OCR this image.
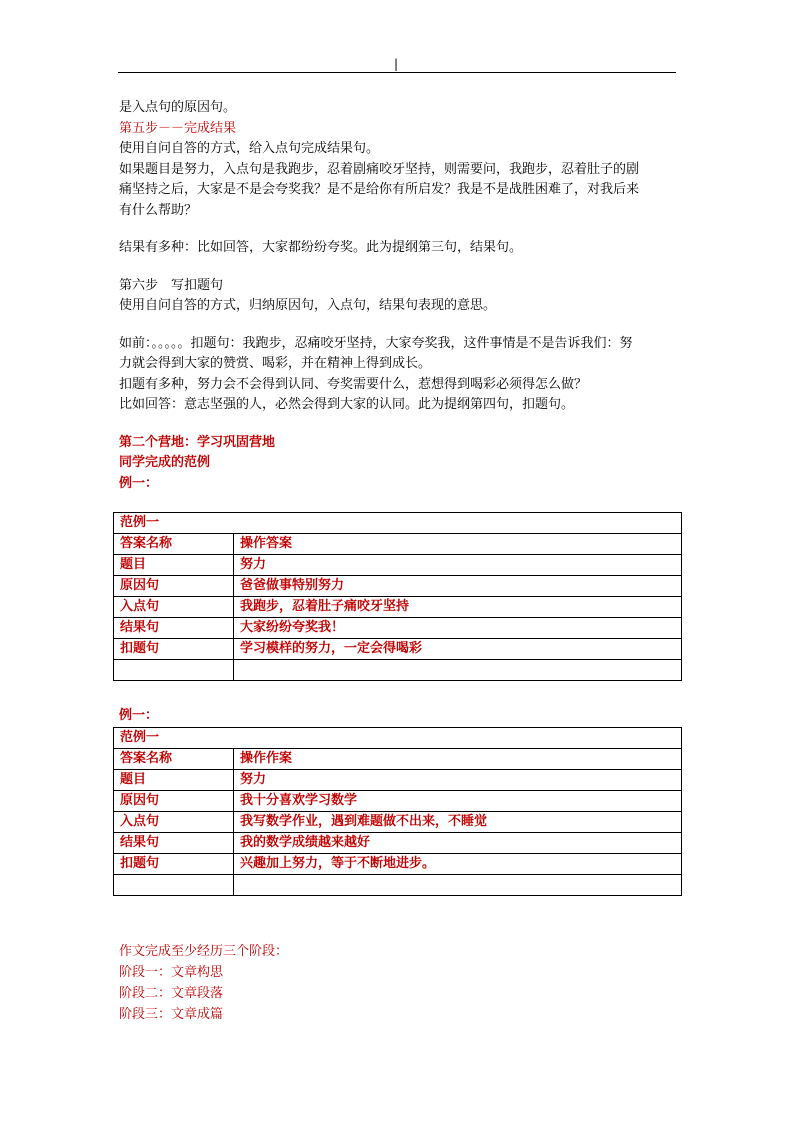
|
是入点句的原因句。
第五步－－完成结果
使用自问自答的方式，给入点句完成结果句。
如果题目是努力，入点句是我跑步，忍着剧痛咬牙坚持，则需要问，我跑步，忍着肚子的剧
痛坚持之后，大家是不是会夸奖我？是不是给你有所启发？我是不是战胜困难了，对我后来
有什么帮助？
结果有多种：比如回答，大家都纷纷夸奖。此为提纲第三句，结果句。
第六步　写扣题句
使用自问自答的方式，归纳原因句，入点句，结果句表现的意思。
如前：。。。。。扣题句：我跑步，忍痛咬牙坚持，大家夸奖我，这件事情是不是告诉我们：努
力就会得到大家的赞赏、喝彩，并在精神上得到成长。
扣题有多种，努力会不会得到认同、夸奖需要什么，惹想得到喝彩必须得怎么做？
比如回答：意志坚强的人，必然会得到大家的认同。此为提纲第四句，扣题句。
第二个营地：学习巩固营地
同学完成的范例
例一：
范例一	
答案名称	操作答案
题目	努力
原因句	爸爸做事特别努力
入点句	我跑步，忍着肚子痛咬牙坚持
结果句	大家纷纷夸奖我！
扣题句	学习模样的努力，一定会得喝彩

例一：
范例一	
答案名称	操作作案
题目	努力
原因句	我十分喜欢学习数学
入点句	我写数学作业，遇到难题做不出来，不睡觉
结果句	我的数学成绩越来越好
扣题句	兴趣加上努力，等于不断地进步。

作文完成至少经历三个阶段：
阶段一：文章构思
阶段二：文章段落
阶段三：文章成篇
